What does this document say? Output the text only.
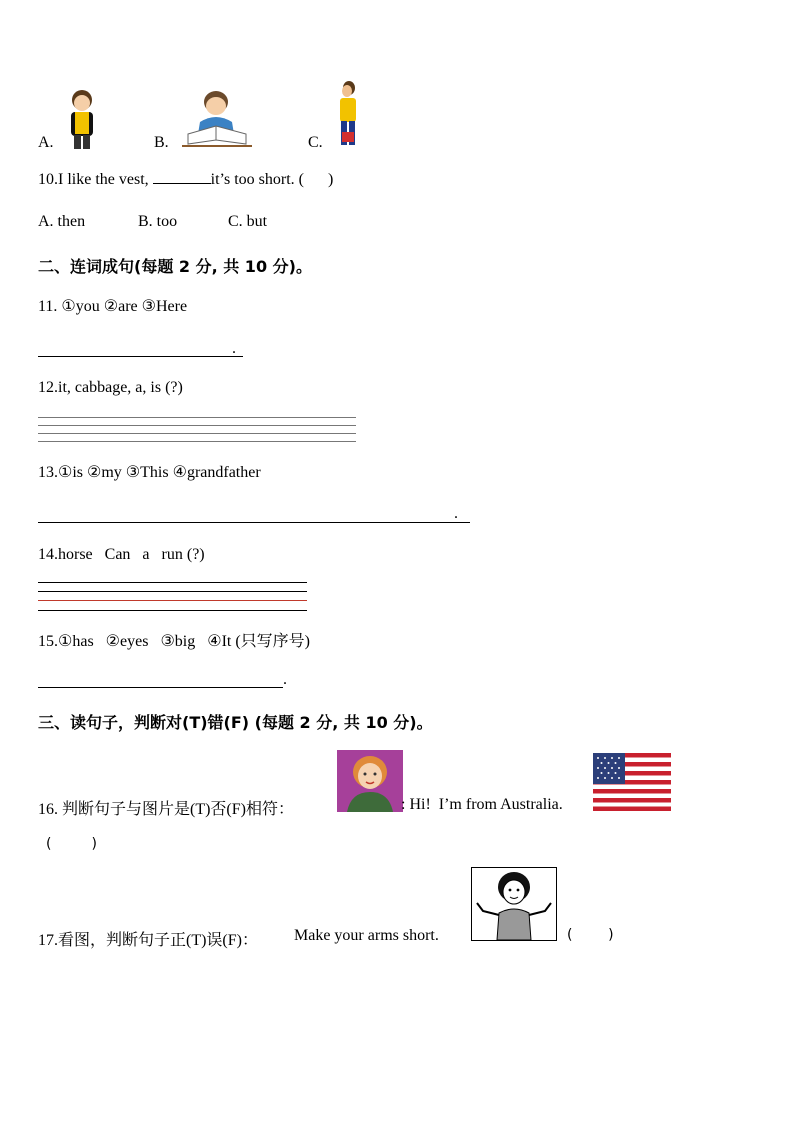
A.	B.	C.
10.I like the vest,	it’s too short. (      )
A. then	B. too	C. but
二、连词成句(每题 2 分, 共 10 分)。
11. ①you ②are ③Here
.
12.it, cabbage, a, is (?)
13.①is ②my ③This ④grandfather
.
14.horse   Can   a   run (?)
15.①has   ②eyes   ③big   ④It (只写序号)
.
三、读句子，判断对(T)错(F) (每题 2 分, 共 10 分)。
16. 判断句子与图片是(T)否(F)相符：	: Hi!  I’m from Australia.
(         )
17.看图，判断句子正(T)误(F)： Make your arms short.	(        )
